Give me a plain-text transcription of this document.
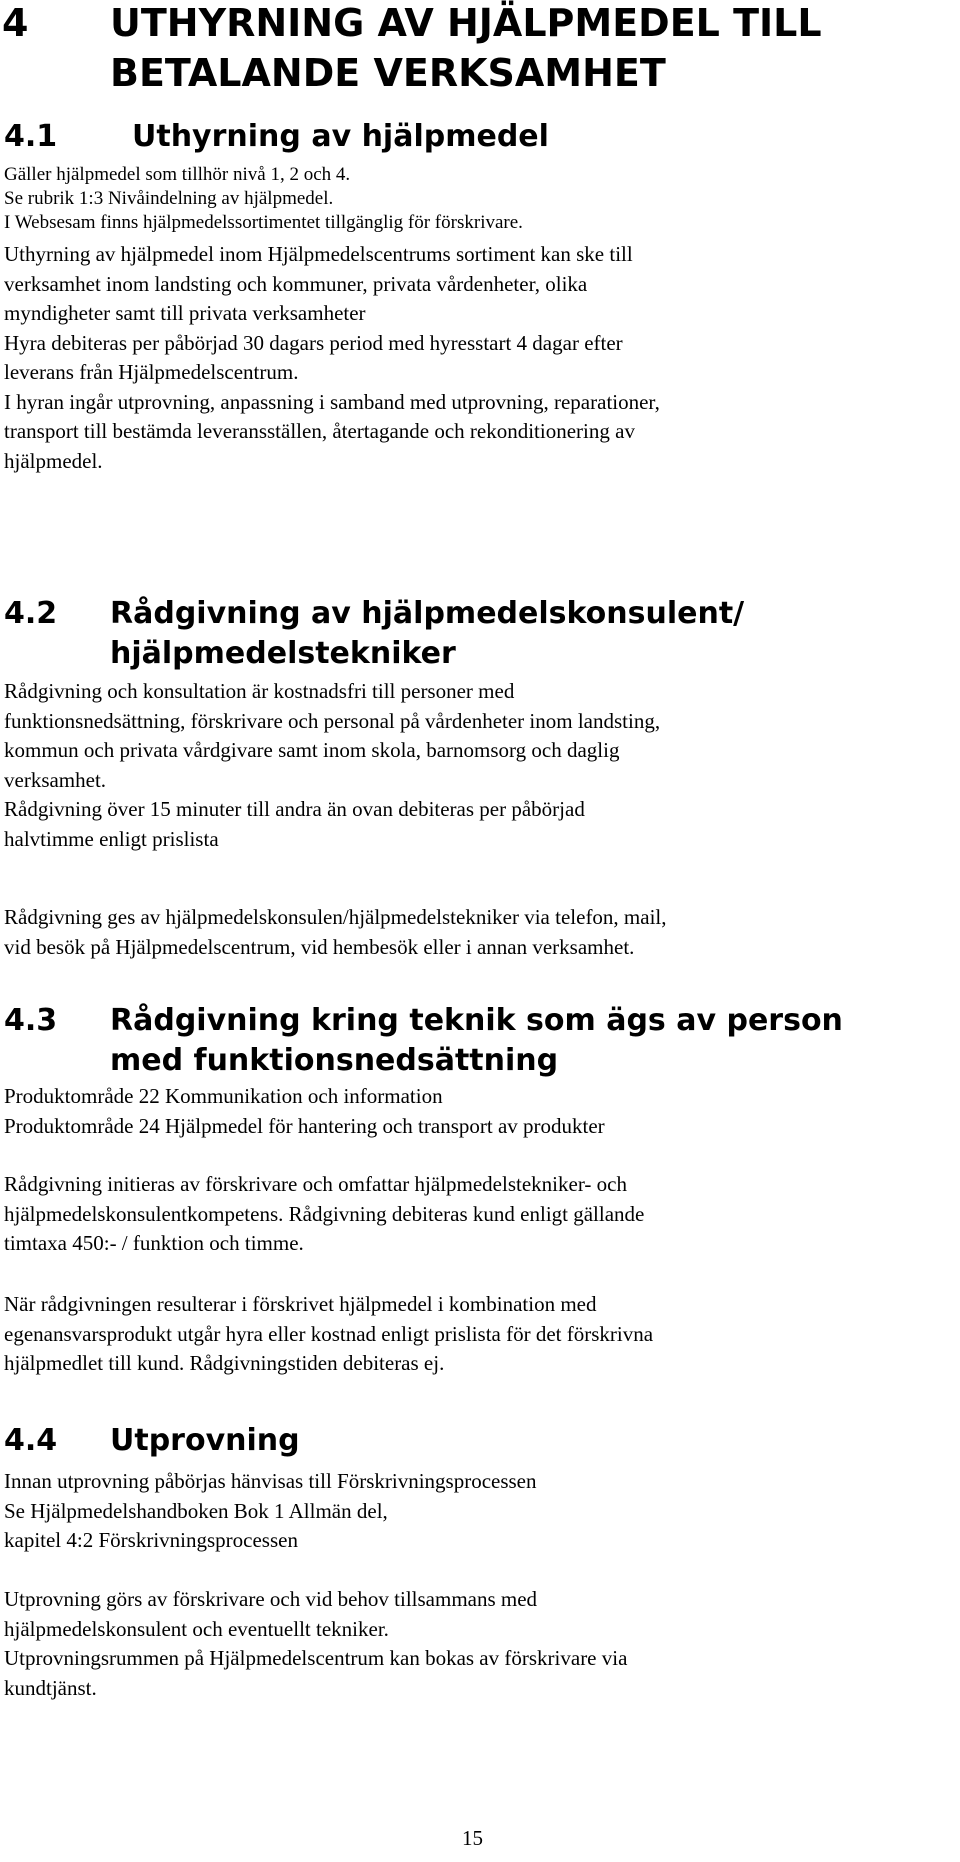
4 UTHYRNING AV HJÄLPMEDEL TILL
BETALANDE VERKSAMHET
4.1 Uthyrning av hjälpmedel
Gäller hjälpmedel som tillhör nivå 1, 2 och 4.
Se rubrik 1:3 Nivåindelning av hjälpmedel.
I Websesam finns hjälpmedelssortimentet tillgänglig för förskrivare.
Uthyrning av hjälpmedel inom Hjälpmedelscentrums sortiment kan ske till
verksamhet inom landsting och kommuner, privata vårdenheter, olika
myndigheter samt till privata verksamheter
Hyra debiteras per påbörjad 30 dagars period med hyresstart 4 dagar efter
leverans från Hjälpmedelscentrum.
I hyran ingår utprovning, anpassning i samband med utprovning, reparationer,
transport till bestämda leveransställen, återtagande och rekonditionering av
hjälpmedel.
4.2 Rådgivning av hjälpmedelskonsulent/
hjälpmedelstekniker
Rådgivning och konsultation är kostnadsfri till personer med
funktionsnedsättning, förskrivare och personal på vårdenheter inom landsting,
kommun och privata vårdgivare samt inom skola, barnomsorg och daglig
verksamhet.
Rådgivning över 15 minuter till andra än ovan debiteras per påbörjad
halvtimme enligt prislista
Rådgivning ges av hjälpmedelskonsulen/hjälpmedelstekniker via telefon, mail,
vid besök på Hjälpmedelscentrum, vid hembesök eller i annan verksamhet.
4.3 Rådgivning kring teknik som ägs av person
med funktionsnedsättning
Produktområde 22 Kommunikation och information
Produktområde 24 Hjälpmedel för hantering och transport av produkter
Rådgivning initieras av förskrivare och omfattar hjälpmedelstekniker- och
hjälpmedelskonsulentkompetens. Rådgivning debiteras kund enligt gällande
timtaxa 450:- / funktion och timme.
När rådgivningen resulterar i förskrivet hjälpmedel i kombination med
egenansvarsprodukt utgår hyra eller kostnad enligt prislista för det förskrivna
hjälpmedlet till kund. Rådgivningstiden debiteras ej.
4.4 Utprovning
Innan utprovning påbörjas hänvisas till Förskrivningsprocessen
Se Hjälpmedelshandboken Bok 1 Allmän del,
kapitel 4:2 Förskrivningsprocessen
Utprovning görs av förskrivare och vid behov tillsammans med
hjälpmedelskonsulent och eventuellt tekniker.
Utprovningsrummen på Hjälpmedelscentrum kan bokas av förskrivare via
kundtjänst.
15
